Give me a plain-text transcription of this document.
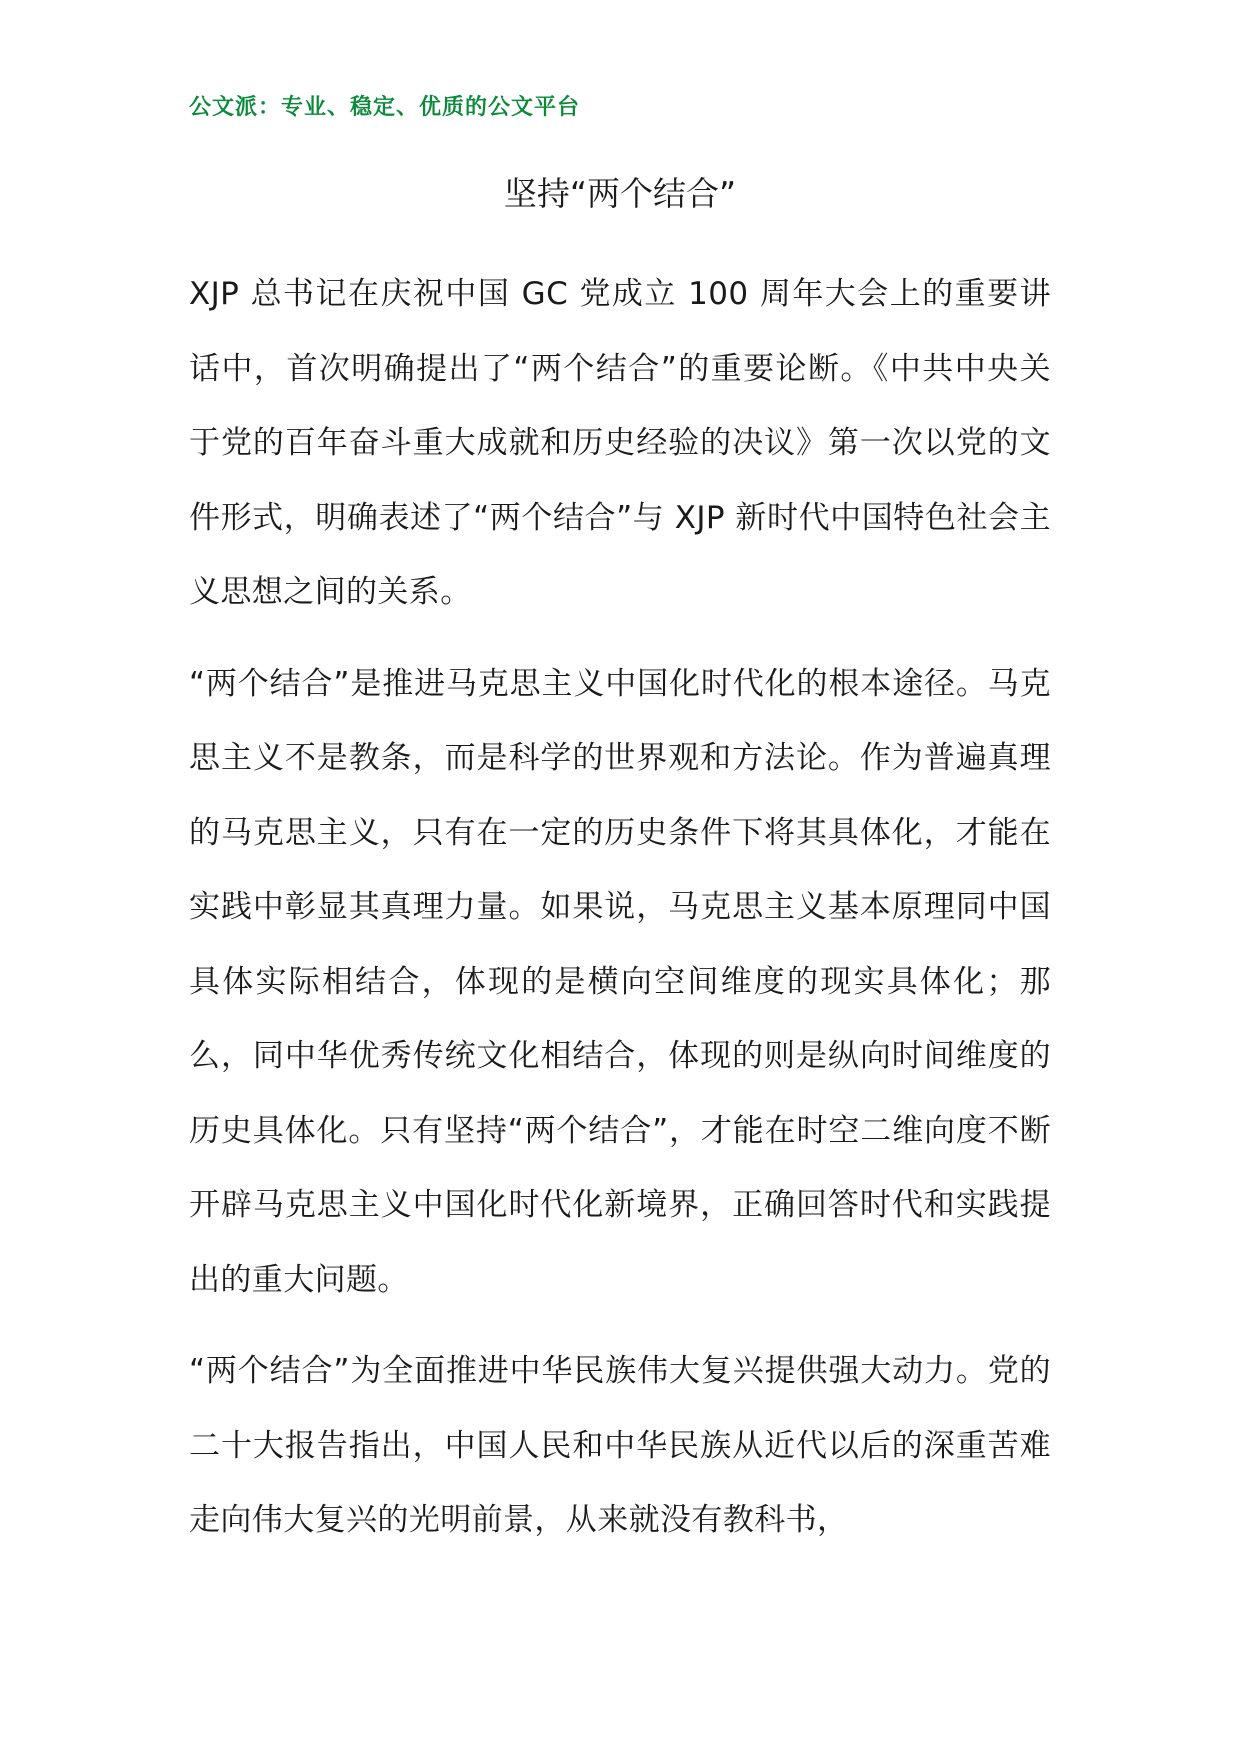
公文派：专业、稳定、优质的公文平台
坚持“两个结合”

XJP 总书记在庆祝中国 GC 党成立 100 周年大会上的重要讲话中，首次明确提出了“两个结合”的重要论断。《中共中央关于党的百年奋斗重大成就和历史经验的决议》第一次以党的文件形式，明确表述了“两个结合”与 XJP 新时代中国特色社会主义思想之间的关系。

“两个结合”是推进马克思主义中国化时代化的根本途径。马克思主义不是教条，而是科学的世界观和方法论。作为普遍真理的马克思主义，只有在一定的历史条件下将其具体化，才能在实践中彰显其真理力量。如果说，马克思主义基本原理同中国具体实际相结合，体现的是横向空间维度的现实具体化；那么，同中华优秀传统文化相结合，体现的则是纵向时间维度的历史具体化。只有坚持“两个结合”，才能在时空二维向度不断开辟马克思主义中国化时代化新境界，正确回答时代和实践提出的重大问题。

“两个结合”为全面推进中华民族伟大复兴提供强大动力。党的二十大报告指出，中国人民和中华民族从近代以后的深重苦难走向伟大复兴的光明前景，从来就没有教科书，
